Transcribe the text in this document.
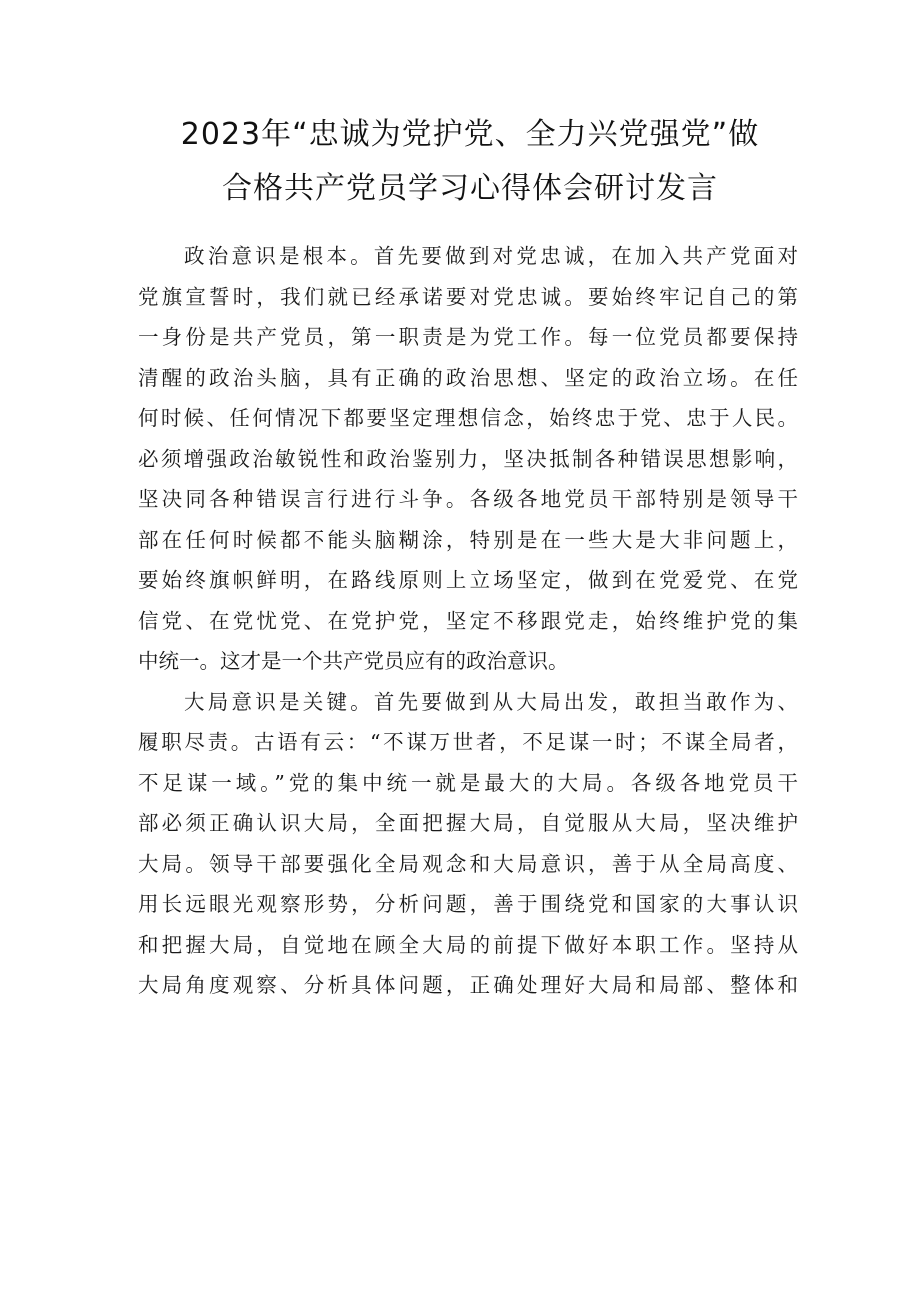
2023年“忠诚为党护党、全力兴党强党”做
合格共产党员学习心得体会研讨发言
政治意识是根本。首先要做到对党忠诚，在加入共产党面对
党旗宣誓时，我们就已经承诺要对党忠诚。要始终牢记自己的第
一身份是共产党员，第一职责是为党工作。每一位党员都要保持
清醒的政治头脑，具有正确的政治思想、坚定的政治立场。在任
何时候、任何情况下都要坚定理想信念，始终忠于党、忠于人民。
必须增强政治敏锐性和政治鉴别力，坚决抵制各种错误思想影响，
坚决同各种错误言行进行斗争。各级各地党员干部特别是领导干
部在任何时候都不能头脑糊涂，特别是在一些大是大非问题上，
要始终旗帜鲜明，在路线原则上立场坚定，做到在党爱党、在党
信党、在党忧党、在党护党，坚定不移跟党走，始终维护党的集
中统一。这才是一个共产党员应有的政治意识。
大局意识是关键。首先要做到从大局出发，敢担当敢作为、
履职尽责。古语有云：“不谋万世者，不足谋一时；不谋全局者，
不足谋一域。”党的集中统一就是最大的大局。各级各地党员干
部必须正确认识大局，全面把握大局，自觉服从大局，坚决维护
大局。领导干部要强化全局观念和大局意识，善于从全局高度、
用长远眼光观察形势，分析问题，善于围绕党和国家的大事认识
和把握大局，自觉地在顾全大局的前提下做好本职工作。坚持从
大局角度观察、分析具体问题，正确处理好大局和局部、整体和
